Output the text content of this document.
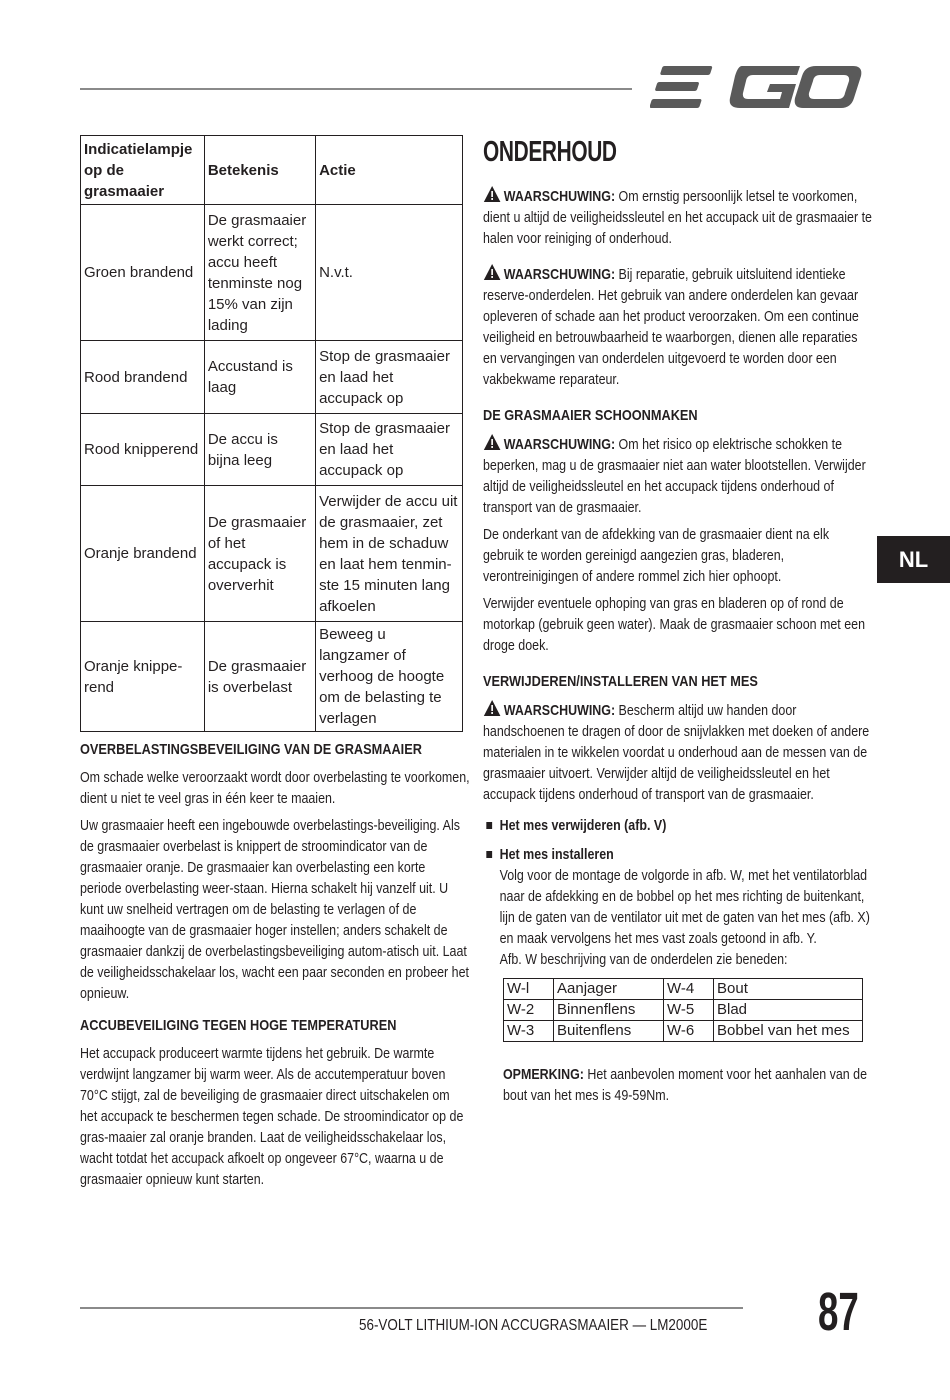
NL
Indicatielampje op de grasmaaier	Betekenis	Actie
Groen brandend	De grasmaaier werkt correct; accu heeft tenminste nog 15% van zijn lading	N.v.t.
Rood brandend	Accustand is laag	Stop de grasmaaier en laad het accupack op
Rood knipperend	De accu is bijna leeg	Stop de grasmaaier en laad het accupack op
Oranje brandend	De grasmaaier of het accupack is oververhit	Verwijder de accu uit de grasmaaier, zet hem in de schaduw en laat hem tenmin-ste 15 minuten lang afkoelen
Oranje knippe-rend	De grasmaaier is overbelast	Beweeg u langzamer of verhoog de hoogte om de belasting te verlagen
OVERBELASTINGSBEVEILIGING VAN DE GRASMAAIER

Om schade welke veroorzaakt wordt door overbelasting te voorkomen, dient u niet te veel gras in één keer te maaien.

Uw grasmaaier heeft een ingebouwde overbelastings-beveiliging. Als de grasmaaier overbelast is knippert de stroomindicator van de grasmaaier oranje. De grasmaaier kan overbelasting een korte periode overbelasting weer-staan. Hierna schakelt hij vanzelf uit. U kunt uw snelheid vertragen om de belasting te verlagen of de maaihoogte van de grasmaaier hoger instellen; anders schakelt de grasmaaier dankzij de overbelastingsbeveiliging autom-atisch uit. Laat de veiligheidsschakelaar los, wacht een paar seconden en probeer het opnieuw.

ACCUBEVEILIGING TEGEN HOGE TEMPERATUREN

Het accupack produceert warmte tijdens het gebruik. De warmte verdwijnt langzamer bij warm weer. Als de accutemperatuur boven 70°C stijgt, zal de beveiliging de grasmaaier direct uitschakelen om het accupack te beschermen tegen schade. De stroomindicator op de gras-maaier zal oranje branden. Laat de veiligheidsschakelaar los, wacht totdat het accupack afkoelt op ongeveer 67°C, waarna u de grasmaaier opnieuw kunt starten.

ONDERHOUD

WAARSCHUWING: Om ernstig persoonlijk letsel te voorkomen, dient u altijd de veiligheidssleutel en het accupack uit de grasmaaier te halen voor reiniging of onderhoud.

WAARSCHUWING: Bij reparatie, gebruik uitsluitend identieke reserve-onderdelen. Het gebruik van andere onderdelen kan gevaar opleveren of schade aan het product veroorzaken. Om een continue veiligheid en betrouwbaarheid te waarborgen, dienen alle reparaties en vervangingen van onderdelen uitgevoerd te worden door een vakbekwame reparateur.

DE GRASMAAIER SCHOONMAKEN

WAARSCHUWING: Om het risico op elektrische schokken te beperken, mag u de grasmaaier niet aan water blootstellen. Verwijder altijd de veiligheidssleutel en het accupack tijdens onderhoud of transport van de grasmaaier.

De onderkant van de afdekking van de grasmaaier dient na elk gebruik te worden gereinigd aangezien gras, bladeren, verontreinigingen of andere rommel zich hier ophoopt.

Verwijder eventuele ophoping van gras en bladeren op of rond de motorkap (gebruik geen water). Maak de grasmaaier schoon met een droge doek.

VERWIJDEREN/INSTALLEREN VAN HET MES

WAARSCHUWING: Bescherm altijd uw handen door handschoenen te dragen of door de snijvlakken met doeken of andere materialen in te wikkelen voordat u onderhoud aan de messen van de grasmaaier uitvoert. Verwijder altijd de veiligheidssleutel en het accupack tijdens onderhoud of transport van de grasmaaier.

Het mes verwijderen (afb. V)
Het mes installeren
Volg voor de montage de volgorde in afb. W, met het ventilatorblad naar de afdekking en de bobbel op het mes richting de buitenkant, lijn de gaten van de ventilator uit met de gaten van het mes (afb. X) en maak vervolgens het mes vast zoals getoond in afb. Y.
Afb. W beschrijving van de onderdelen zie beneden:
W-l	Aanjager	W-4	Bout
W-2	Binnenflens	W-5	Blad
W-3	Buitenflens	W-6	Bobbel van het mes

OPMERKING: Het aanbevolen moment voor het aanhalen van de bout van het mes is 49-59Nm.

56-VOLT LITHIUM-ION ACCUGRASMAAIER — LM2000E 87
